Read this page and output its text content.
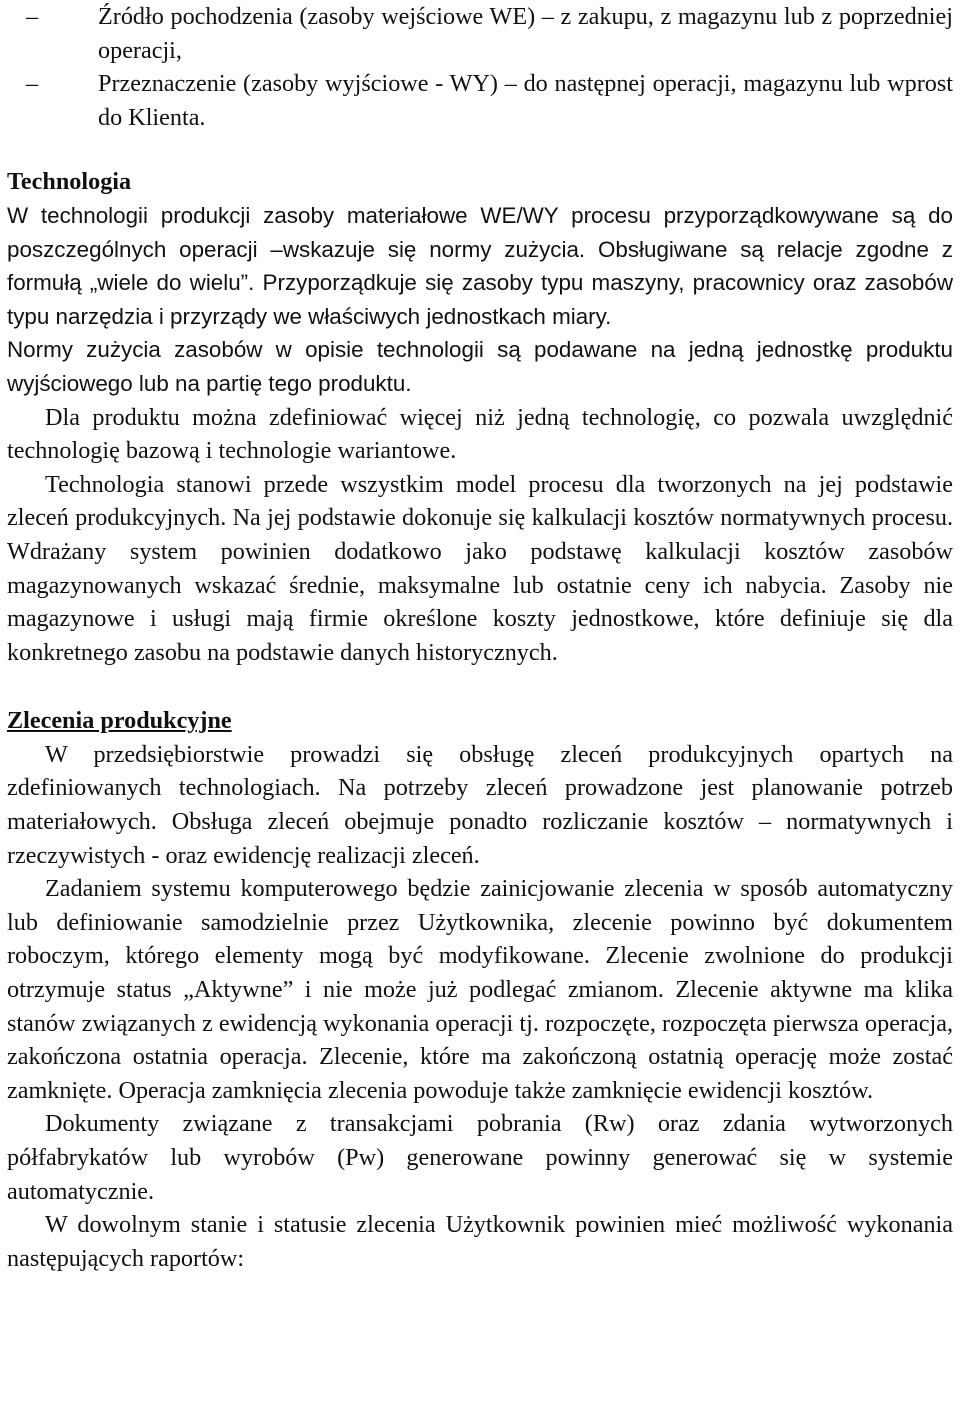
– Źródło pochodzenia (zasoby wejściowe WE) – z zakupu, z magazynu lub z poprzedniej operacji,
– Przeznaczenie (zasoby wyjściowe - WY) – do następnej operacji, magazynu lub wprost do Klienta.
Technologia

W technologii produkcji zasoby materiałowe WE/WY procesu przyporządkowywane są do poszczególnych operacji –wskazuje się normy zużycia. Obsługiwane są relacje zgodne z formułą „wiele do wielu”. Przyporządkuje się zasoby typu maszyny, pracownicy oraz zasobów typu narzędzia i przyrządy we właściwych jednostkach miary.

Normy zużycia zasobów w opisie technologii są podawane na jedną jednostkę produktu wyjściowego lub na partię tego produktu.

Dla produktu można zdefiniować więcej niż jedną technologię, co pozwala uwzględnić technologię bazową i technologie wariantowe.

Technologia stanowi przede wszystkim model procesu dla tworzonych na jej podstawie zleceń produkcyjnych. Na jej podstawie dokonuje się kalkulacji kosztów normatywnych procesu. Wdrażany system powinien dodatkowo jako podstawę kalkulacji kosztów zasobów magazynowanych wskazać średnie, maksymalne lub ostatnie ceny ich nabycia. Zasoby nie magazynowe i usługi mają firmie określone koszty jednostkowe, które definiuje się dla konkretnego zasobu na podstawie danych historycznych.

Zlecenia produkcyjne

W przedsiębiorstwie prowadzi się obsługę zleceń produkcyjnych opartych na zdefiniowanych technologiach. Na potrzeby zleceń prowadzone jest planowanie potrzeb materiałowych. Obsługa zleceń obejmuje ponadto rozliczanie kosztów – normatywnych i rzeczywistych - oraz ewidencję realizacji zleceń.

Zadaniem systemu komputerowego będzie zainicjowanie zlecenia w sposób automatyczny lub definiowanie samodzielnie przez Użytkownika, zlecenie powinno być dokumentem roboczym, którego elementy mogą być modyfikowane. Zlecenie zwolnione do produkcji otrzymuje status „Aktywne” i nie może już podlegać zmianom. Zlecenie aktywne ma klika stanów związanych z ewidencją wykonania operacji tj. rozpoczęte, rozpoczęta pierwsza operacja, zakończona ostatnia operacja. Zlecenie, które ma zakończoną ostatnią operację może zostać zamknięte. Operacja zamknięcia zlecenia powoduje także zamknięcie ewidencji kosztów.

Dokumenty związane z transakcjami pobrania (Rw) oraz zdania wytworzonych półfabrykatów lub wyrobów (Pw) generowane powinny generować się w systemie automatycznie.

W dowolnym stanie i statusie zlecenia Użytkownik powinien mieć możliwość wykonania następujących raportów:
